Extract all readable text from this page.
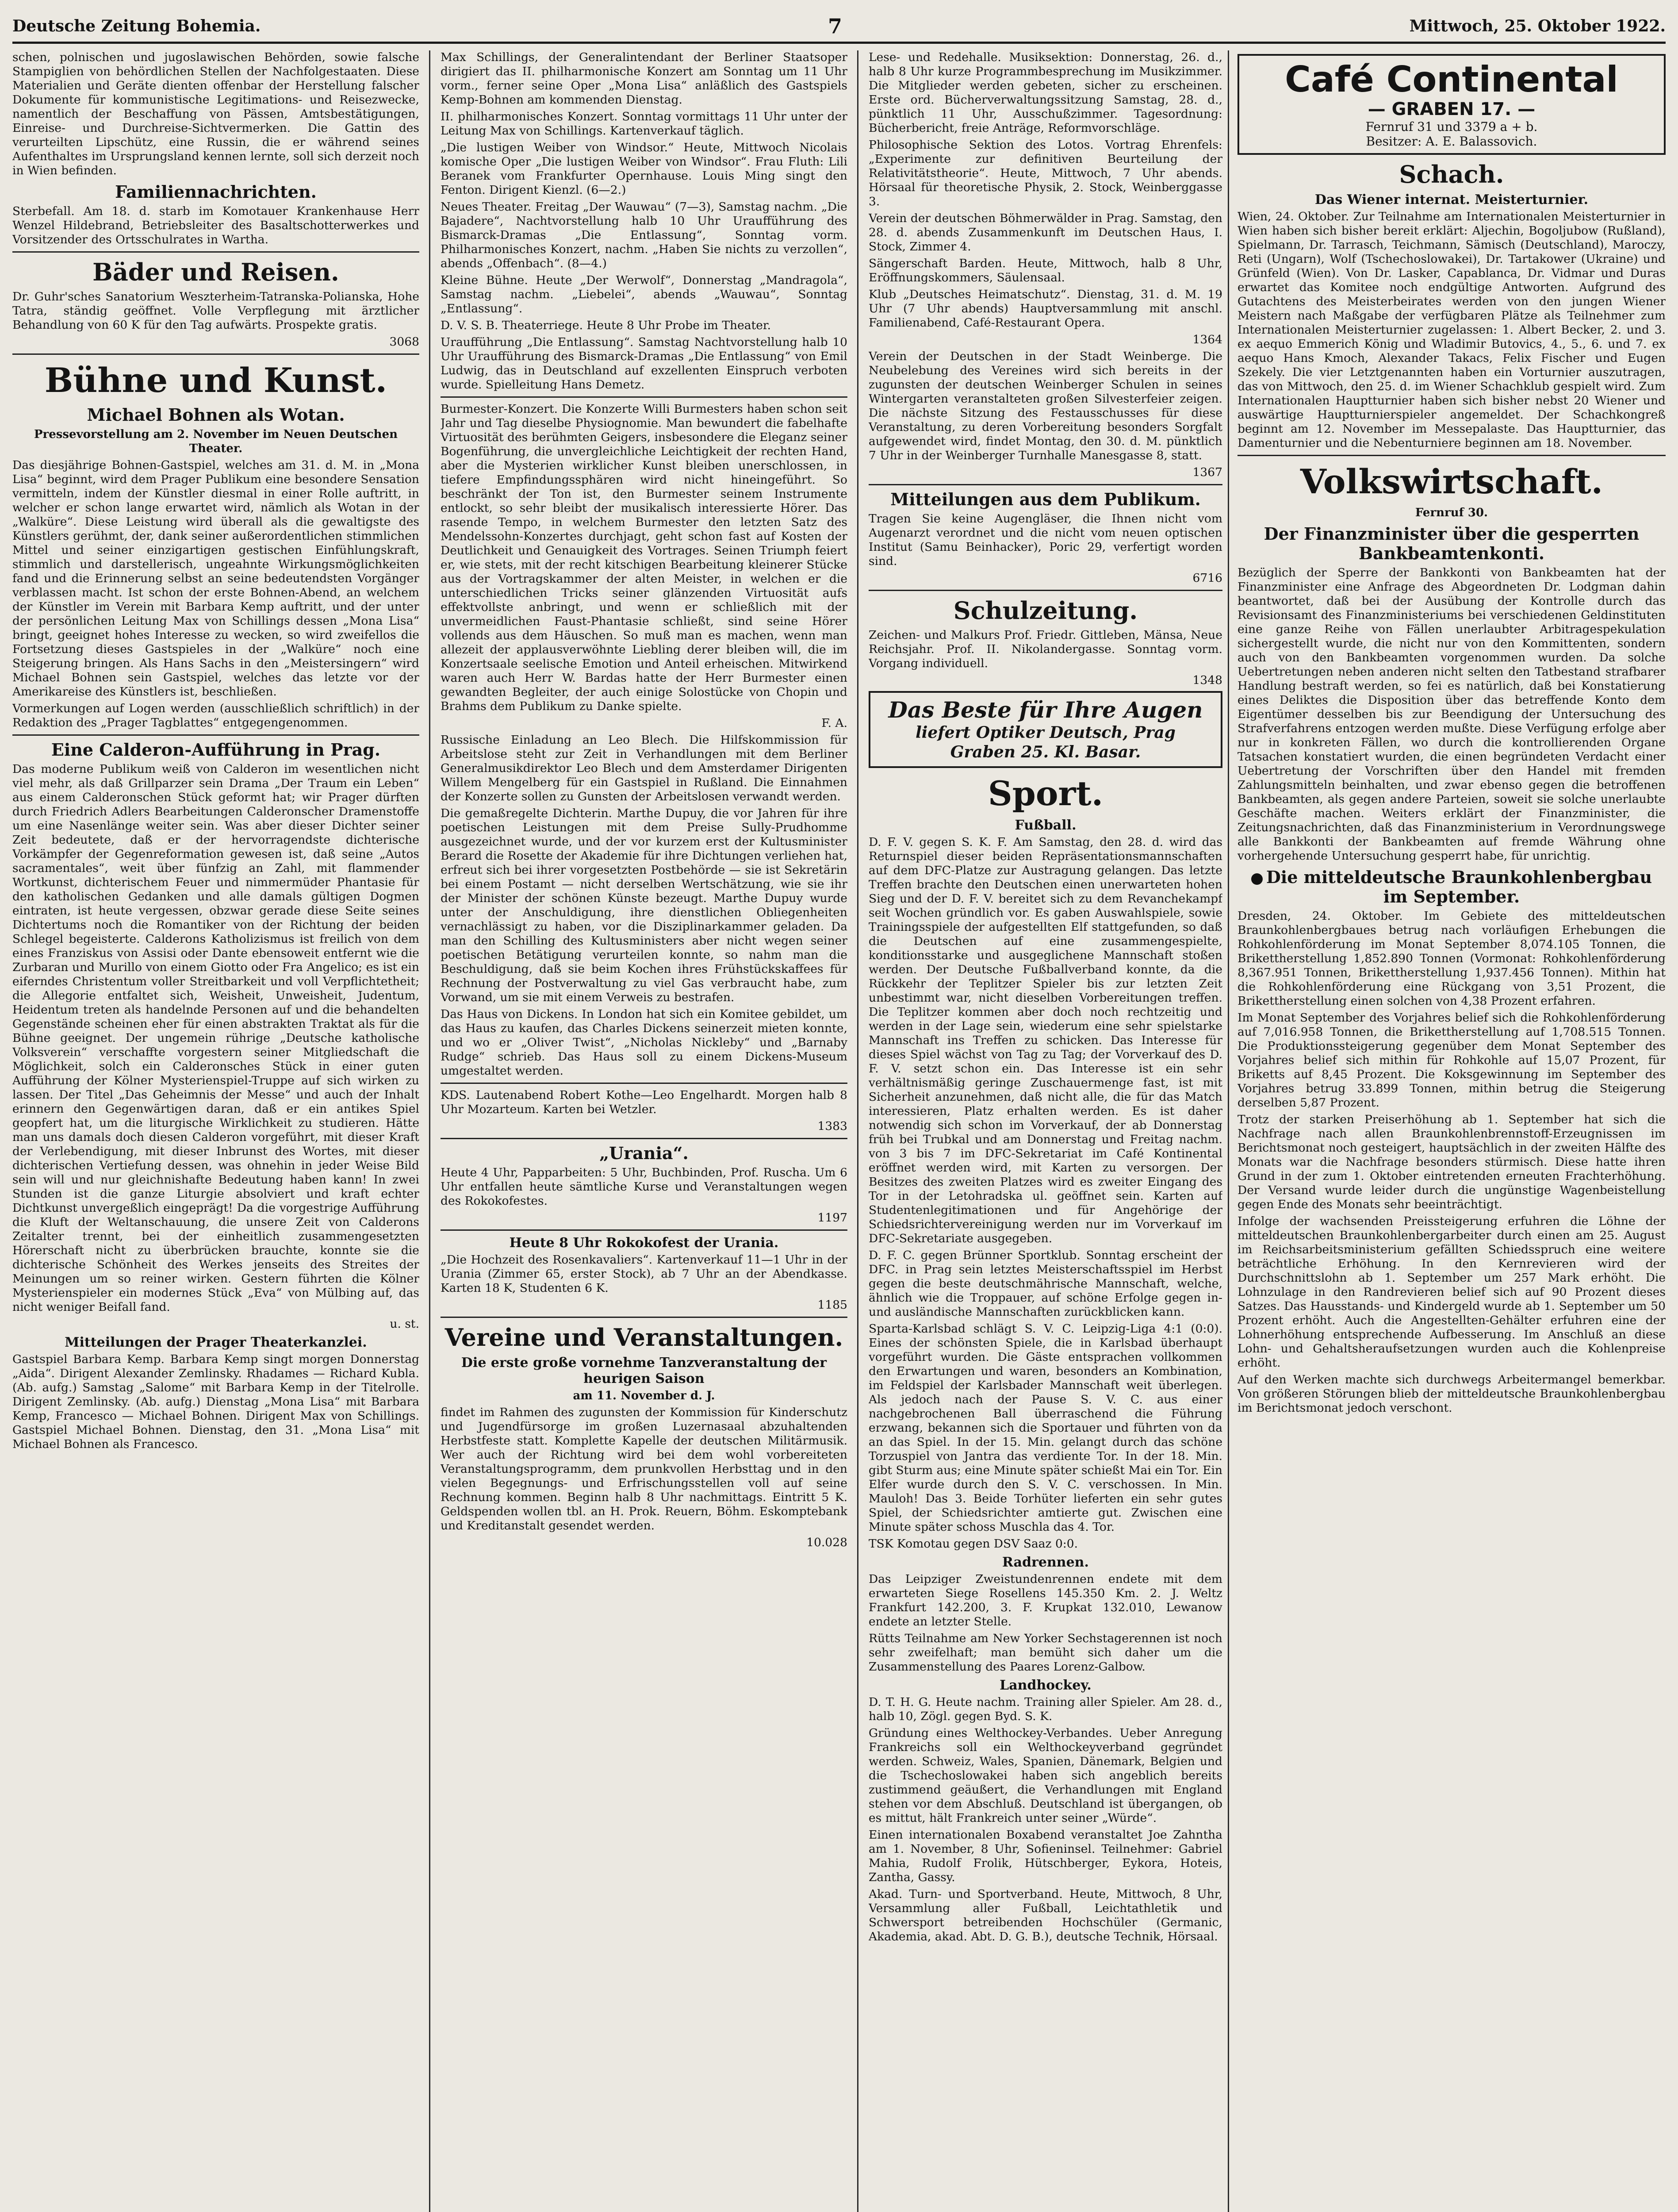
Deutsche Zeitung Bohemia.	7	Mittwoch, 25. Oktober 1922.

schen, polnischen und jugoslawischen Behörden, sowie falsche Stampiglien von behördlichen Stellen der Nachfolgestaaten. Diese Materialien und Geräte dienten offenbar der Herstellung falscher Dokumente für kommunistische Legitimations- und Reisezwecke, namentlich der Beschaffung von Pässen, Amtsbestätigungen, Einreise- und Durchreise-Sichtvermerken. Die Gattin des verurteilten Lipschütz, eine Russin, die er während seines Aufenthaltes im Ursprungsland kennen lernte, soll sich derzeit noch in Wien befinden.

Familiennachrichten.

Sterbefall. Am 18. d. starb im Komotauer Krankenhause Herr Wenzel Hildebrand, Betriebsleiter des Basaltschotterwerkes und Vorsitzender des Ortsschulrates in Wartha.

Bäder und Reisen.

Dr. Guhr'sches Sanatorium Weszterheim-Tatranska-Polianska, Hohe Tatra, ständig geöffnet. Volle Verpflegung mit ärztlicher Behandlung von 60 K für den Tag aufwärts. Prospekte gratis.

3068

Bühne und Kunst.
Michael Bohnen als Wotan.
Pressevorstellung am 2. November im Neuen Deutschen Theater.

Das diesjährige Bohnen-Gastspiel, welches am 31. d. M. in „Mona Lisa“ beginnt, wird dem Prager Publikum eine besondere Sensation vermitteln, indem der Künstler diesmal in einer Rolle auftritt, in welcher er schon lange erwartet wird, nämlich als Wotan in der „Walküre“. Diese Leistung wird überall als die gewaltigste des Künstlers gerühmt, der, dank seiner außerordentlichen stimmlichen Mittel und seiner einzigartigen gestischen Einfühlungskraft, stimmlich und darstellerisch, ungeahnte Wirkungsmöglichkeiten fand und die Erinnerung selbst an seine bedeutendsten Vorgänger verblassen macht. Ist schon der erste Bohnen-Abend, an welchem der Künstler im Verein mit Barbara Kemp auftritt, und der unter der persönlichen Leitung Max von Schillings dessen „Mona Lisa“ bringt, geeignet hohes Interesse zu wecken, so wird zweifellos die Fortsetzung dieses Gastspieles in der „Walküre“ noch eine Steigerung bringen. Als Hans Sachs in den „Meistersingern“ wird Michael Bohnen sein Gastspiel, welches das letzte vor der Amerikareise des Künstlers ist, beschließen.

Vormerkungen auf Logen werden (ausschließlich schriftlich) in der Redaktion des „Prager Tagblattes“ entgegengenommen.

Eine Calderon-Aufführung in Prag.

Das moderne Publikum weiß von Calderon im wesentlichen nicht viel mehr, als daß Grillparzer sein Drama „Der Traum ein Leben“ aus einem Calderonschen Stück geformt hat; wir Prager dürften durch Friedrich Adlers Bearbeitungen Calderonscher Dramenstoffe um eine Nasenlänge weiter sein. Was aber dieser Dichter seiner Zeit bedeutete, daß er der hervorragendste dichterische Vorkämpfer der Gegenreformation gewesen ist, daß seine „Autos sacramentales“, weit über fünfzig an Zahl, mit flammender Wortkunst, dichterischem Feuer und nimmermüder Phantasie für den katholischen Gedanken und alle damals gültigen Dogmen eintraten, ist heute vergessen, obzwar gerade diese Seite seines Dichtertums noch die Romantiker von der Richtung der beiden Schlegel begeisterte. Calderons Katholizismus ist freilich von dem eines Franziskus von Assisi oder Dante ebensoweit entfernt wie die Zurbaran und Murillo von einem Giotto oder Fra Angelico; es ist ein eiferndes Christentum voller Streitbarkeit und voll Verpflichtetheit; die Allegorie entfaltet sich, Weisheit, Unweisheit, Judentum, Heidentum treten als handelnde Personen auf und die behandelten Gegenstände scheinen eher für einen abstrakten Traktat als für die Bühne geeignet. Der ungemein rührige „Deutsche katholische Volksverein“ verschaffte vorgestern seiner Mitgliedschaft die Möglichkeit, solch ein Calderonsches Stück in einer guten Aufführung der Kölner Mysterienspiel-Truppe auf sich wirken zu lassen. Der Titel „Das Geheimnis der Messe“ und auch der Inhalt erinnern den Gegenwärtigen daran, daß er ein antikes Spiel geopfert hat, um die liturgische Wirklichkeit zu studieren. Hätte man uns damals doch diesen Calderon vorgeführt, mit dieser Kraft der Verlebendigung, mit dieser Inbrunst des Wortes, mit dieser dichterischen Vertiefung dessen, was ohnehin in jeder Weise Bild sein will und nur gleichnishafte Bedeutung haben kann! In zwei Stunden ist die ganze Liturgie absolviert und kraft echter Dichtkunst unvergeßlich eingeprägt! Da die vorgestrige Aufführung die Kluft der Weltanschauung, die unsere Zeit von Calderons Zeitalter trennt, bei der einheitlich zusammengesetzten Hörerschaft nicht zu überbrücken brauchte, konnte sie die dichterische Schönheit des Werkes jenseits des Streites der Meinungen um so reiner wirken. Gestern führten die Kölner Mysterienspieler ein modernes Stück „Eva“ von Mülbing auf, das nicht weniger Beifall fand.

u. st.

Mitteilungen der Prager Theaterkanzlei.

Gastspiel Barbara Kemp. Barbara Kemp singt morgen Donnerstag „Aida“. Dirigent Alexander Zemlinsky. Rhadames — Richard Kubla. (Ab. aufg.) Samstag „Salome“ mit Barbara Kemp in der Titelrolle. Dirigent Zemlinsky. (Ab. aufg.) Dienstag „Mona Lisa“ mit Barbara Kemp, Francesco — Michael Bohnen. Dirigent Max von Schillings. Gastspiel Michael Bohnen. Dienstag, den 31. „Mona Lisa“ mit Michael Bohnen als Francesco.

Max Schillings, der Generalintendant der Berliner Staatsoper dirigiert das II. philharmonische Konzert am Sonntag um 11 Uhr vorm., ferner seine Oper „Mona Lisa“ anläßlich des Gastspiels Kemp-Bohnen am kommenden Dienstag.

II. philharmonisches Konzert. Sonntag vormittags 11 Uhr unter der Leitung Max von Schillings. Kartenverkauf täglich.

„Die lustigen Weiber von Windsor.“ Heute, Mittwoch Nicolais komische Oper „Die lustigen Weiber von Windsor“. Frau Fluth: Lili Beranek vom Frankfurter Opernhause. Louis Ming singt den Fenton. Dirigent Kienzl. (6—2.)

Neues Theater. Freitag „Der Wauwau“ (7—3), Samstag nachm. „Die Bajadere“, Nachtvorstellung halb 10 Uhr Uraufführung des Bismarck-Dramas „Die Entlassung“, Sonntag vorm. Philharmonisches Konzert, nachm. „Haben Sie nichts zu verzollen“, abends „Offenbach“. (8—4.)

Kleine Bühne. Heute „Der Werwolf“, Donnerstag „Mandragola“, Samstag nachm. „Liebelei“, abends „Wauwau“, Sonntag „Entlassung“.

D. V. S. B. Theaterriege. Heute 8 Uhr Probe im Theater.

Uraufführung „Die Entlassung“. Samstag Nachtvorstellung halb 10 Uhr Uraufführung des Bismarck-Dramas „Die Entlassung“ von Emil Ludwig, das in Deutschland auf exzellenten Einspruch verboten wurde. Spielleitung Hans Demetz.

Burmester-Konzert. Die Konzerte Willi Burmesters haben schon seit Jahr und Tag dieselbe Physiognomie. Man bewundert die fabelhafte Virtuosität des berühmten Geigers, insbesondere die Eleganz seiner Bogenführung, die unvergleichliche Leichtigkeit der rechten Hand, aber die Mysterien wirklicher Kunst bleiben unerschlossen, in tiefere Empfindungssphären wird nicht hineingeführt. So beschränkt der Ton ist, den Burmester seinem Instrumente entlockt, so sehr bleibt der musikalisch interessierte Hörer. Das rasende Tempo, in welchem Burmester den letzten Satz des Mendelssohn-Konzertes durchjagt, geht schon fast auf Kosten der Deutlichkeit und Genauigkeit des Vortrages. Seinen Triumph feiert er, wie stets, mit der recht kitschigen Bearbeitung kleinerer Stücke aus der Vortragskammer der alten Meister, in welchen er die unterschiedlichen Tricks seiner glänzenden Virtuosität aufs effektvollste anbringt, und wenn er schließlich mit der unvermeidlichen Faust-Phantasie schließt, sind seine Hörer vollends aus dem Häuschen. So muß man es machen, wenn man allezeit der applausverwöhnte Liebling derer bleiben will, die im Konzertsaale seelische Emotion und Anteil erheischen. Mitwirkend waren auch Herr W. Bardas hatte der Herr Burmester einen gewandten Begleiter, der auch einige Solostücke von Chopin und Brahms dem Publikum zu Danke spielte.

F. A.

Russische Einladung an Leo Blech. Die Hilfskommission für Arbeitslose steht zur Zeit in Verhandlungen mit dem Berliner Generalmusikdirektor Leo Blech und dem Amsterdamer Dirigenten Willem Mengelberg für ein Gastspiel in Rußland. Die Einnahmen der Konzerte sollen zu Gunsten der Arbeitslosen verwandt werden.

Die gemaßregelte Dichterin. Marthe Dupuy, die vor Jahren für ihre poetischen Leistungen mit dem Preise Sully-Prudhomme ausgezeichnet wurde, und der vor kurzem erst der Kultusminister Berard die Rosette der Akademie für ihre Dichtungen verliehen hat, erfreut sich bei ihrer vorgesetzten Postbehörde — sie ist Sekretärin bei einem Postamt — nicht derselben Wertschätzung, wie sie ihr der Minister der schönen Künste bezeugt. Marthe Dupuy wurde unter der Anschuldigung, ihre dienstlichen Obliegenheiten vernachlässigt zu haben, vor die Disziplinarkammer geladen. Da man den Schilling des Kultusministers aber nicht wegen seiner poetischen Betätigung verurteilen konnte, so nahm man die Beschuldigung, daß sie beim Kochen ihres Frühstückskaffees für Rechnung der Postverwaltung zu viel Gas verbraucht habe, zum Vorwand, um sie mit einem Verweis zu bestrafen.

Das Haus von Dickens. In London hat sich ein Komitee gebildet, um das Haus zu kaufen, das Charles Dickens seinerzeit mieten konnte, und wo er „Oliver Twist“, „Nicholas Nickleby“ und „Barnaby Rudge“ schrieb. Das Haus soll zu einem Dickens-Museum umgestaltet werden.

KDS. Lautenabend Robert Kothe—Leo Engelhardt. Morgen halb 8 Uhr Mozarteum. Karten bei Wetzler.

1383

„Urania“.

Heute 4 Uhr, Papparbeiten: 5 Uhr, Buchbinden, Prof. Ruscha. Um 6 Uhr entfallen heute sämtliche Kurse und Veranstaltungen wegen des Rokokofestes.

1197

Heute 8 Uhr Rokokofest der Urania.

„Die Hochzeit des Rosenkavaliers“. Kartenverkauf 11—1 Uhr in der Urania (Zimmer 65, erster Stock), ab 7 Uhr an der Abendkasse. Karten 18 K, Studenten 6 K.

1185

Vereine und Veranstaltungen.
Die erste große vornehme Tanzveranstaltung der heurigen Saison
am 11. November d. J.

findet im Rahmen des zugunsten der Kommission für Kinderschutz und Jugendfürsorge im großen Luzernasaal abzuhaltenden Herbstfeste statt. Komplette Kapelle der deutschen Militärmusik. Wer auch der Richtung wird bei dem wohl vorbereiteten Veranstaltungsprogramm, dem prunkvollen Herbsttag und in den vielen Begegnungs- und Erfrischungsstellen voll auf seine Rechnung kommen. Beginn halb 8 Uhr nachmittags. Eintritt 5 K. Geldspenden wollen tbl. an H. Prok. Reuern, Böhm. Eskomptebank und Kreditanstalt gesendet werden.

10.028

Lese- und Redehalle. Musiksektion: Donnerstag, 26. d., halb 8 Uhr kurze Programmbesprechung im Musikzimmer. Die Mitglieder werden gebeten, sicher zu erscheinen. Erste ord. Bücherverwaltungssitzung Samstag, 28. d., pünktlich 11 Uhr, Ausschußzimmer. Tagesordnung: Bücherbericht, freie Anträge, Reformvorschläge.

Philosophische Sektion des Lotos. Vortrag Ehrenfels: „Experimente zur definitiven Beurteilung der Relativitätstheorie“. Heute, Mittwoch, 7 Uhr abends. Hörsaal für theoretische Physik, 2. Stock, Weinberggasse 3.

Verein der deutschen Böhmerwälder in Prag. Samstag, den 28. d. abends Zusammenkunft im Deutschen Haus, I. Stock, Zimmer 4.

Sängerschaft Barden. Heute, Mittwoch, halb 8 Uhr, Eröffnungskommers, Säulensaal.

Klub „Deutsches Heimatschutz“. Dienstag, 31. d. M. 19 Uhr (7 Uhr abends) Hauptversammlung mit anschl. Familienabend, Café-Restaurant Opera.

1364

Verein der Deutschen in der Stadt Weinberge. Die Neubelebung des Vereines wird sich bereits in der zugunsten der deutschen Weinberger Schulen in seines Wintergarten veranstalteten großen Silvesterfeier zeigen. Die nächste Sitzung des Festausschusses für diese Veranstaltung, zu deren Vorbereitung besonders Sorgfalt aufgewendet wird, findet Montag, den 30. d. M. pünktlich 7 Uhr in der Weinberger Turnhalle Manesgasse 8, statt.

1367

Mitteilungen aus dem Publikum.

Tragen Sie keine Augengläser, die Ihnen nicht vom Augenarzt verordnet und die nicht vom neuen optischen Institut (Samu Beinhacker), Poric 29, verfertigt worden sind.

6716

Schulzeitung.

Zeichen- und Malkurs Prof. Friedr. Gittleben, Mänsa, Neue Reichsjahr. Prof. II. Nikolandergasse. Sonntag vorm. Vorgang individuell.

1348

Das Beste für Ihre Augen
liefert Optiker Deutsch, Prag
Graben 25. Kl. Basar.
Sport.
Fußball.

D. F. V. gegen S. K. F. Am Samstag, den 28. d. wird das Returnspiel dieser beiden Repräsentationsmannschaften auf dem DFC-Platze zur Austragung gelangen. Das letzte Treffen brachte den Deutschen einen unerwarteten hohen Sieg und der D. F. V. bereitet sich zu dem Revanchekampf seit Wochen gründlich vor. Es gaben Auswahlspiele, sowie Trainingsspiele der aufgestellten Elf stattgefunden, so daß die Deutschen auf eine zusammengespielte, konditionsstarke und ausgeglichene Mannschaft stoßen werden. Der Deutsche Fußballverband konnte, da die Rückkehr der Teplitzer Spieler bis zur letzten Zeit unbestimmt war, nicht dieselben Vorbereitungen treffen. Die Teplitzer kommen aber doch noch rechtzeitig und werden in der Lage sein, wiederum eine sehr spielstarke Mannschaft ins Treffen zu schicken. Das Interesse für dieses Spiel wächst von Tag zu Tag; der Vorverkauf des D. F. V. setzt schon ein. Das Interesse ist ein sehr verhältnismäßig geringe Zuschauermenge fast, ist mit Sicherheit anzunehmen, daß nicht alle, die für das Match interessieren, Platz erhalten werden. Es ist daher notwendig sich schon im Vorverkauf, der ab Donnerstag früh bei Trubkal und am Donnerstag und Freitag nachm. von 3 bis 7 im DFC-Sekretariat im Café Kontinental eröffnet werden wird, mit Karten zu versorgen. Der Besitzes des zweiten Platzes wird es zweiter Eingang des Tor in der Letohradska ul. geöffnet sein. Karten auf Studentenlegitimationen und für Angehörige der Schiedsrichtervereinigung werden nur im Vorverkauf im DFC-Sekretariate ausgegeben.

D. F. C. gegen Brünner Sportklub. Sonntag erscheint der DFC. in Prag sein letztes Meisterschaftsspiel im Herbst gegen die beste deutschmährische Mannschaft, welche, ähnlich wie die Troppauer, auf schöne Erfolge gegen in- und ausländische Mannschaften zurückblicken kann.

Sparta-Karlsbad schlägt S. V. C. Leipzig-Liga 4:1 (0:0). Eines der schönsten Spiele, die in Karlsbad überhaupt vorgeführt wurden. Die Gäste entsprachen vollkommen den Erwartungen und waren, besonders an Kombination, im Feldspiel der Karlsbader Mannschaft weit überlegen. Als jedoch nach der Pause S. V. C. aus einer nachgebrochenen Ball überraschend die Führung erzwang, bekannen sich die Sportauer und führten von da an das Spiel. In der 15. Min. gelangt durch das schöne Torzuspiel von Jantra das verdiente Tor. In der 18. Min. gibt Sturm aus; eine Minute später schießt Mai ein Tor. Ein Elfer wurde durch den S. V. C. verschossen. In Min. Mauloh! Das 3. Beide Torhüter lieferten ein sehr gutes Spiel, der Schiedsrichter amtierte gut. Zwischen eine Minute später schoss Muschla das 4. Tor.

TSK Komotau gegen DSV Saaz 0:0.

Radrennen.

Das Leipziger Zweistundenrennen endete mit dem erwarteten Siege Rosellens 145.350 Km. 2. J. Weltz Frankfurt 142.200, 3. F. Krupkat 132.010, Lewanow endete an letzter Stelle.

Rütts Teilnahme am New Yorker Sechstagerennen ist noch sehr zweifelhaft; man bemüht sich daher um die Zusammenstellung des Paares Lorenz-Galbow.

Landhockey.

D. T. H. G. Heute nachm. Training aller Spieler. Am 28. d., halb 10, Zögl. gegen Byd. S. K.

Gründung eines Welthockey-Verbandes. Ueber Anregung Frankreichs soll ein Welthockeyverband gegründet werden. Schweiz, Wales, Spanien, Dänemark, Belgien und die Tschechoslowakei haben sich angeblich bereits zustimmend geäußert, die Verhandlungen mit England stehen vor dem Abschluß. Deutschland ist übergangen, ob es mittut, hält Frankreich unter seiner „Würde“.

Einen internationalen Boxabend veranstaltet Joe Zahntha am 1. November, 8 Uhr, Sofieninsel. Teilnehmer: Gabriel Mahia, Rudolf Frolik, Hütschberger, Eykora, Hoteis, Zantha, Gassy.

Akad. Turn- und Sportverband. Heute, Mittwoch, 8 Uhr, Versammlung aller Fußball, Leichtathletik und Schwersport betreibenden Hochschüler (Germanic, Akademia, akad. Abt. D. G. B.), deutsche Technik, Hörsaal.

Café Continental
— GRABEN 17. —
Fernruf 31 und 3379 a + b.
Besitzer: A. E. Balassovich.
Schach.
Das Wiener internat. Meisterturnier.

Wien, 24. Oktober. Zur Teilnahme am Internationalen Meisterturnier in Wien haben sich bisher bereit erklärt: Aljechin, Bogoljubow (Rußland), Spielmann, Dr. Tarrasch, Teichmann, Sämisch (Deutschland), Maroczy, Reti (Ungarn), Wolf (Tschechoslowakei), Dr. Tartakower (Ukraine) und Grünfeld (Wien). Von Dr. Lasker, Capablanca, Dr. Vidmar und Duras erwartet das Komitee noch endgültige Antworten. Aufgrund des Gutachtens des Meisterbeirates werden von den jungen Wiener Meistern nach Maßgabe der verfügbaren Plätze als Teilnehmer zum Internationalen Meisterturnier zugelassen: 1. Albert Becker, 2. und 3. ex aequo Emmerich König und Wladimir Butovics, 4., 5., 6. und 7. ex aequo Hans Kmoch, Alexander Takacs, Felix Fischer und Eugen Szekely. Die vier Letztgenannten haben ein Vorturnier auszutragen, das von Mittwoch, den 25. d. im Wiener Schachklub gespielt wird. Zum Internationalen Hauptturnier haben sich bisher nebst 20 Wiener und auswärtige Hauptturnierspieler angemeldet. Der Schachkongreß beginnt am 12. November im Messepalaste. Das Hauptturnier, das Damenturnier und die Nebenturniere beginnen am 18. November.

Volkswirtschaft.
Fernruf 30.
Der Finanzminister über die gesperrten Bankbeamtenkonti.

Bezüglich der Sperre der Bankkonti von Bankbeamten hat der Finanzminister eine Anfrage des Abgeordneten Dr. Lodgman dahin beantwortet, daß bei der Ausübung der Kontrolle durch das Revisionsamt des Finanzministeriums bei verschiedenen Geldinstituten eine ganze Reihe von Fällen unerlaubter Arbitragespekulation sichergestellt wurde, die nicht nur von den Kommittenten, sondern auch von den Bankbeamten vorgenommen wurden. Da solche Uebertretungen neben anderen nicht selten den Tatbestand strafbarer Handlung bestraft werden, so fei es natürlich, daß bei Konstatierung eines Deliktes die Disposition über das betreffende Konto dem Eigentümer desselben bis zur Beendigung der Untersuchung des Strafverfahrens entzogen werden mußte. Diese Verfügung erfolge aber nur in konkreten Fällen, wo durch die kontrollierenden Organe Tatsachen konstatiert wurden, die einen begründeten Verdacht einer Uebertretung der Vorschriften über den Handel mit fremden Zahlungsmitteln beinhalten, und zwar ebenso gegen die betroffenen Bankbeamten, als gegen andere Parteien, soweit sie solche unerlaubte Geschäfte machen. Weiters erklärt der Finanzminister, die Zeitungsnachrichten, daß das Finanzministerium in Verordnungswege alle Bankkonti der Bankbeamten auf fremde Währung ohne vorhergehende Untersuchung gesperrt habe, für unrichtig.

Die mitteldeutsche Braunkohlenbergbau im September.

Dresden, 24. Oktober. Im Gebiete des mitteldeutschen Braunkohlenbergbaues betrug nach vorläufigen Erhebungen die Rohkohlenförderung im Monat September 8,074.105 Tonnen, die Brikettherstellung 1,852.890 Tonnen (Vormonat: Rohkohlenförderung 8,367.951 Tonnen, Brikettherstellung 1,937.456 Tonnen). Mithin hat die Rohkohlenförderung eine Rückgang von 3,51 Prozent, die Brikettherstellung einen solchen von 4,38 Prozent erfahren.

Im Monat September des Vorjahres belief sich die Rohkohlenförderung auf 7,016.958 Tonnen, die Brikettherstellung auf 1,708.515 Tonnen. Die Produktionssteigerung gegenüber dem Monat September des Vorjahres belief sich mithin für Rohkohle auf 15,07 Prozent, für Briketts auf 8,45 Prozent. Die Koksgewinnung im September des Vorjahres betrug 33.899 Tonnen, mithin betrug die Steigerung derselben 5,87 Prozent.

Trotz der starken Preiserhöhung ab 1. September hat sich die Nachfrage nach allen Braunkohlenbrennstoff-Erzeugnissen im Berichtsmonat noch gesteigert, hauptsächlich in der zweiten Hälfte des Monats war die Nachfrage besonders stürmisch. Diese hatte ihren Grund in der zum 1. Oktober eintretenden erneuten Frachterhöhung. Der Versand wurde leider durch die ungünstige Wagenbeistellung gegen Ende des Monats sehr beeinträchtigt.

Infolge der wachsenden Preissteigerung erfuhren die Löhne der mitteldeutschen Braunkohlenbergarbeiter durch einen am 25. August im Reichsarbeitsministerium gefällten Schiedsspruch eine weitere beträchtliche Erhöhung. In den Kernrevieren wird der Durchschnittslohn ab 1. September um 257 Mark erhöht. Die Lohnzulage in den Randrevieren belief sich auf 90 Prozent dieses Satzes. Das Hausstands- und Kindergeld wurde ab 1. September um 50 Prozent erhöht. Auch die Angestellten-Gehälter erfuhren eine der Lohnerhöhung entsprechende Aufbesserung. Im Anschluß an diese Lohn- und Gehaltsheraufsetzungen wurden auch die Kohlenpreise erhöht.

Auf den Werken machte sich durchwegs Arbeitermangel bemerkbar. Von größeren Störungen blieb der mitteldeutsche Braunkohlenbergbau im Berichtsmonat jedoch verschont.
